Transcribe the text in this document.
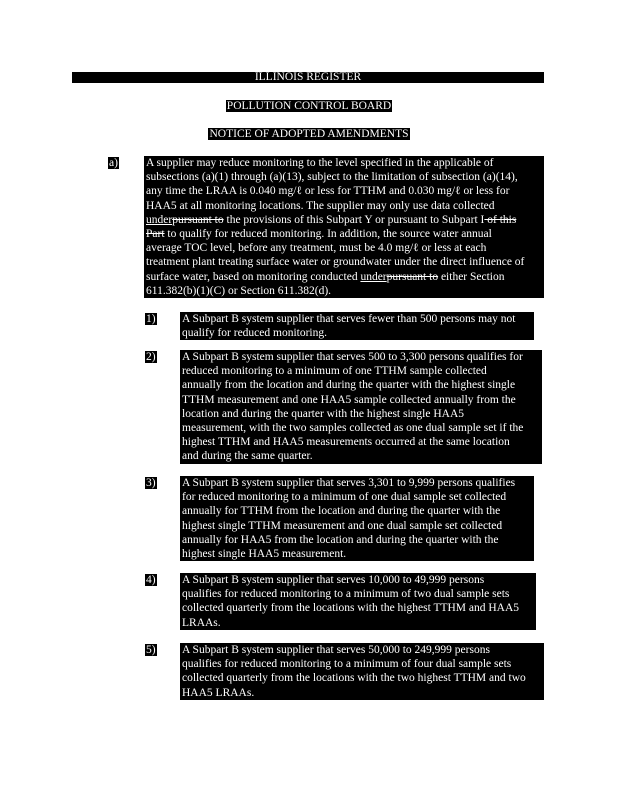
ILLINOIS REGISTER
POLLUTION CONTROL BOARD
NOTICE OF ADOPTED AMENDMENTS
a) A supplier may reduce monitoring to the level specified in the applicable of
subsections (a)(1) through (a)(13), subject to the limitation of subsection (a)(14),
any time the LRAA is 0.040 mg/ℓ or less for TTHM and 0.030 mg/ℓ or less for
HAA5 at all monitoring locations. The supplier may only use data collected
underpursuant to the provisions of this Subpart Y or pursuant to Subpart I of this
Part to qualify for reduced monitoring. In addition, the source water annual
average TOC level, before any treatment, must be 4.0 mg/ℓ or less at each
treatment plant treating surface water or groundwater under the direct influence of
surface water, based on monitoring conducted underpursuant to either Section
611.382(b)(1)(C) or Section 611.382(d).
1) A Subpart B system supplier that serves fewer than 500 persons may not
qualify for reduced monitoring.
2) A Subpart B system supplier that serves 500 to 3,300 persons qualifies for
reduced monitoring to a minimum of one TTHM sample collected
annually from the location and during the quarter with the highest single
TTHM measurement and one HAA5 sample collected annually from the
location and during the quarter with the highest single HAA5
measurement, with the two samples collected as one dual sample set if the
highest TTHM and HAA5 measurements occurred at the same location
and during the same quarter.
3) A Subpart B system supplier that serves 3,301 to 9,999 persons qualifies
for reduced monitoring to a minimum of one dual sample set collected
annually for TTHM from the location and during the quarter with the
highest single TTHM measurement and one dual sample set collected
annually for HAA5 from the location and during the quarter with the
highest single HAA5 measurement.
4) A Subpart B system supplier that serves 10,000 to 49,999 persons
qualifies for reduced monitoring to a minimum of two dual sample sets
collected quarterly from the locations with the highest TTHM and HAA5
LRAAs.
5) A Subpart B system supplier that serves 50,000 to 249,999 persons
qualifies for reduced monitoring to a minimum of four dual sample sets
collected quarterly from the locations with the two highest TTHM and two
HAA5 LRAAs.
